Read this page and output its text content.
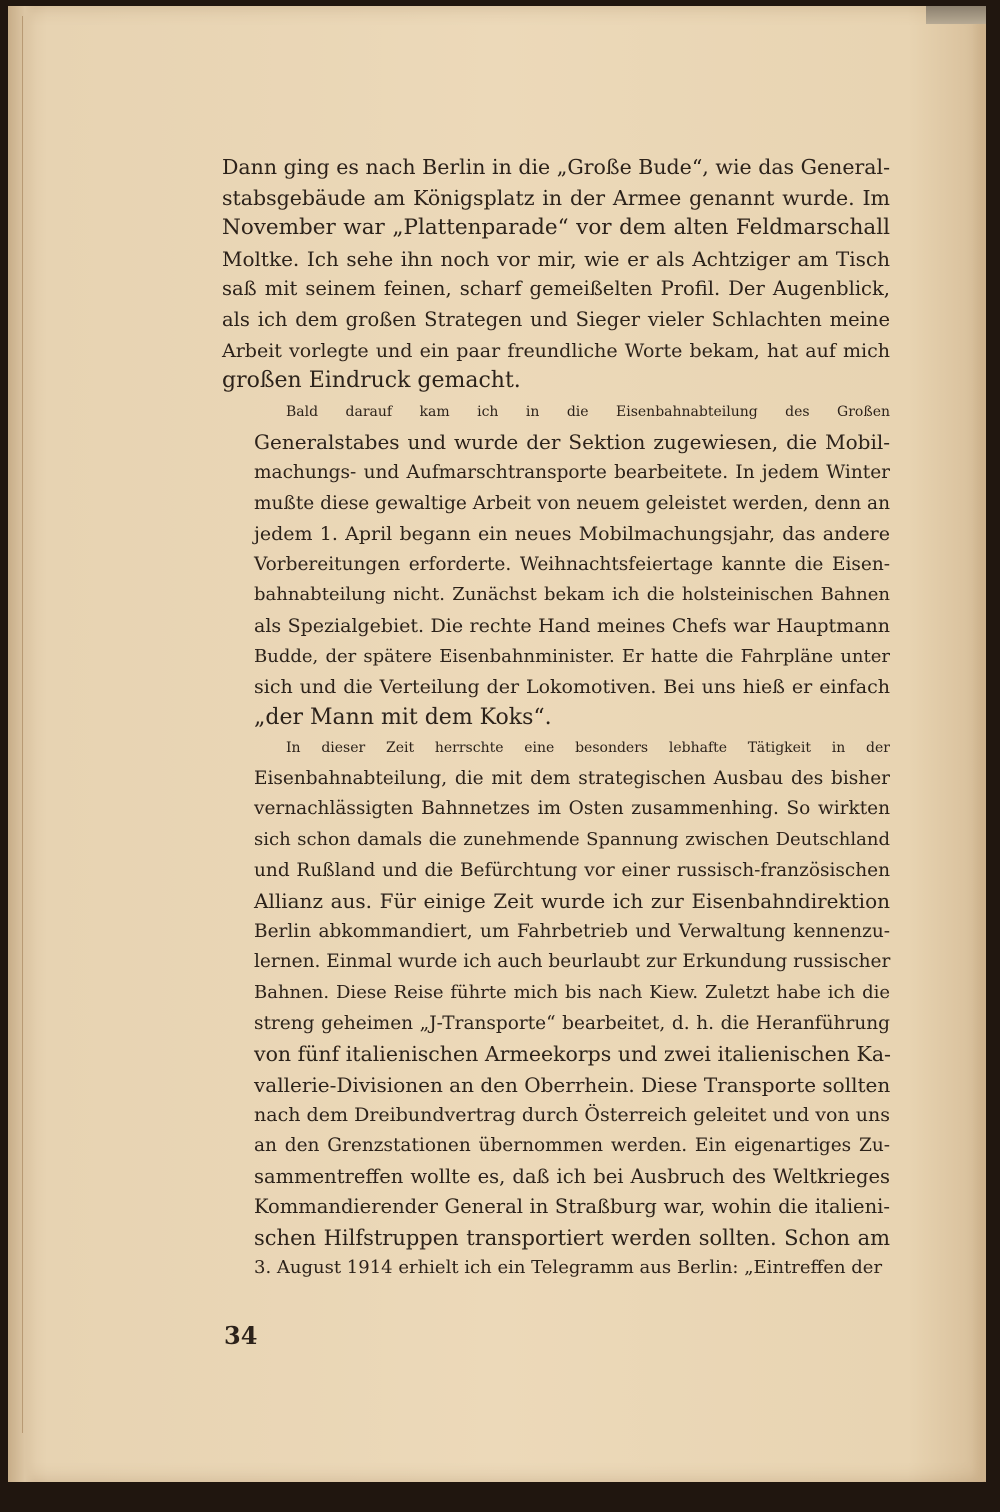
Dann ging es nach Berlin in die „Große Bude“, wie das General-
stabsgebäude am Königsplatz in der Armee genannt wurde. Im
November war „Plattenparade“ vor dem alten Feldmarschall
Moltke. Ich sehe ihn noch vor mir, wie er als Achtziger am Tisch
saß mit seinem feinen, scharf gemeißelten Profil. Der Augenblick,
als ich dem großen Strategen und Sieger vieler Schlachten meine
Arbeit vorlegte und ein paar freundliche Worte bekam, hat auf mich
großen Eindruck gemacht.
Bald darauf kam ich in die Eisenbahnabteilung des Großen
Generalstabes und wurde der Sektion zugewiesen, die Mobil-
machungs- und Aufmarschtransporte bearbeitete. In jedem Winter
mußte diese gewaltige Arbeit von neuem geleistet werden, denn an
jedem 1. April begann ein neues Mobilmachungsjahr, das andere
Vorbereitungen erforderte. Weihnachtsfeiertage kannte die Eisen-
bahnabteilung nicht. Zunächst bekam ich die holsteinischen Bahnen
als Spezialgebiet. Die rechte Hand meines Chefs war Hauptmann
Budde, der spätere Eisenbahnminister. Er hatte die Fahrpläne unter
sich und die Verteilung der Lokomotiven. Bei uns hieß er einfach
„der Mann mit dem Koks“.
In dieser Zeit herrschte eine besonders lebhafte Tätigkeit in der
Eisenbahnabteilung, die mit dem strategischen Ausbau des bisher
vernachlässigten Bahnnetzes im Osten zusammenhing. So wirkten
sich schon damals die zunehmende Spannung zwischen Deutschland
und Rußland und die Befürchtung vor einer russisch-französischen
Allianz aus. Für einige Zeit wurde ich zur Eisenbahndirektion
Berlin abkommandiert, um Fahrbetrieb und Verwaltung kennenzu-
lernen. Einmal wurde ich auch beurlaubt zur Erkundung russischer
Bahnen. Diese Reise führte mich bis nach Kiew. Zuletzt habe ich die
streng geheimen „J-Transporte“ bearbeitet, d. h. die Heranführung
von fünf italienischen Armeekorps und zwei italienischen Ka-
vallerie-Divisionen an den Oberrhein. Diese Transporte sollten
nach dem Dreibundvertrag durch Österreich geleitet und von uns
an den Grenzstationen übernommen werden. Ein eigenartiges Zu-
sammentreffen wollte es, daß ich bei Ausbruch des Weltkrieges
Kommandierender General in Straßburg war, wohin die italieni-
schen Hilfstruppen transportiert werden sollten. Schon am
3. August 1914 erhielt ich ein Telegramm aus Berlin: „Eintreffen der
34
